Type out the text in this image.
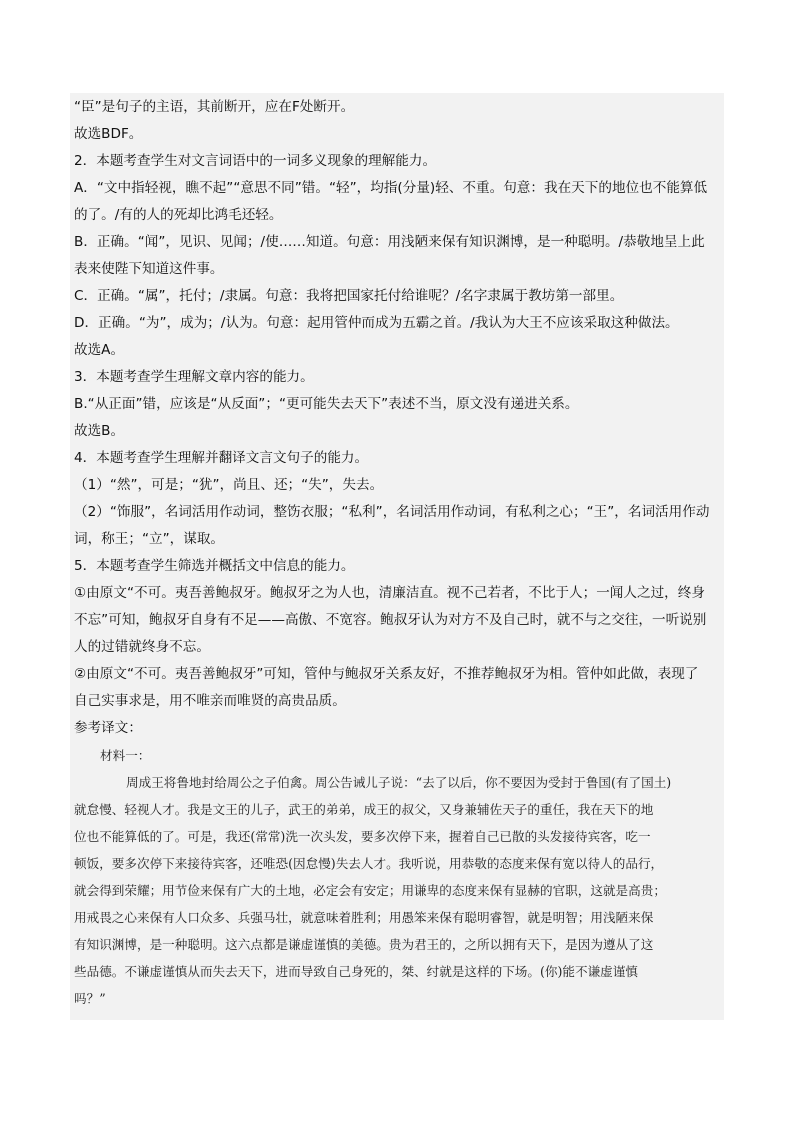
“臣”是句子的主语，其前断开，应在F处断开。
故选BDF。
2．本题考查学生对文言词语中的一词多义现象的理解能力。
A．“文中指轻视，瞧不起”“意思不同”错。“轻”，均指(分量)轻、不重。句意：我在天下的地位也不能算低
的了。/有的人的死却比鸿毛还轻。
B．正确。“闻”，见识、见闻；/使……知道。句意：用浅陋来保有知识渊博，是一种聪明。/恭敬地呈上此
表来使陛下知道这件事。
C．正确。“属”，托付；/隶属。句意：我将把国家托付给谁呢？/名字隶属于教坊第一部里。
D．正确。“为”，成为；/认为。句意：起用管仲而成为五霸之首。/我认为大王不应该采取这种做法。
故选A。
3．本题考查学生理解文章内容的能力。
B.“从正面”错，应该是“从反面”；“更可能失去天下”表述不当，原文没有递进关系。
故选B。
4．本题考查学生理解并翻译文言文句子的能力。
（1）“然”，可是；“犹”，尚且、还；“失”，失去。
（2）“饰服”，名词活用作动词，整饬衣服；“私利”，名词活用作动词，有私利之心；“王”，名词活用作动
词，称王；“立”，谋取。
5．本题考查学生筛选并概括文中信息的能力。
①由原文“不可。夷吾善鲍叔牙。鲍叔牙之为人也，清廉洁直。视不己若者，不比于人；一闻人之过，终身
不忘”可知，鲍叔牙自身有不足——高傲、不宽容。鲍叔牙认为对方不及自己时，就不与之交往，一听说别
人的过错就终身不忘。
②由原文“不可。夷吾善鲍叔牙”可知，管仲与鲍叔牙关系友好，不推荐鲍叔牙为相。管仲如此做，表现了
自己实事求是，用不唯亲而唯贤的高贵品质。
参考译文：
材料一：
周成王将鲁地封给周公之子伯禽。周公告诫儿子说：“去了以后，你不要因为受封于鲁国(有了国土)
就怠慢、轻视人才。我是文王的儿子，武王的弟弟，成王的叔父，又身兼辅佐天子的重任，我在天下的地
位也不能算低的了。可是，我还(常常)洗一次头发，要多次停下来，握着自己已散的头发接待宾客，吃一
顿饭，要多次停下来接待宾客，还唯恐(因怠慢)失去人才。我听说，用恭敬的态度来保有宽以待人的品行，
就会得到荣耀；用节俭来保有广大的土地，必定会有安定；用谦卑的态度来保有显赫的官职，这就是高贵；
用戒畏之心来保有人口众多、兵强马壮，就意味着胜利；用愚笨来保有聪明睿智，就是明智；用浅陋来保
有知识渊博，是一种聪明。这六点都是谦虚谨慎的美德。贵为君王的，之所以拥有天下，是因为遵从了这
些品德。不谦虚谨慎从而失去天下，进而导致自己身死的，桀、纣就是这样的下场。(你)能不谦虚谨慎
吗？”
